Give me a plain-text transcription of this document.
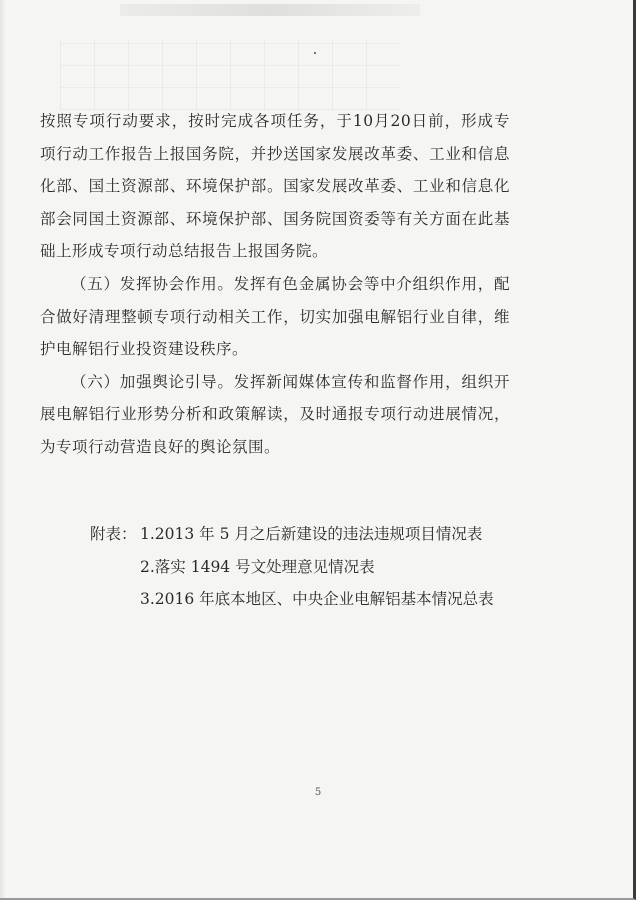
按照专项行动要求，按时完成各项任务，于10月20日前，形成专项行动工作报告上报国务院，并抄送国家发展改革委、工业和信息化部、国土资源部、环境保护部。国家发展改革委、工业和信息化部会同国土资源部、环境保护部、国务院国资委等有关方面在此基础上形成专项行动总结报告上报国务院。

（五）发挥协会作用。发挥有色金属协会等中介组织作用，配合做好清理整顿专项行动相关工作，切实加强电解铝行业自律，维护电解铝行业投资建设秩序。

（六）加强舆论引导。发挥新闻媒体宣传和监督作用，组织开展电解铝行业形势分析和政策解读，及时通报专项行动进展情况，为专项行动营造良好的舆论氛围。

附表： 1.2013 年 5 月之后新建设的违法违规项目情况表
2.落实 1494 号文处理意见情况表
3.2016 年底本地区、中央企业电解铝基本情况总表
5
